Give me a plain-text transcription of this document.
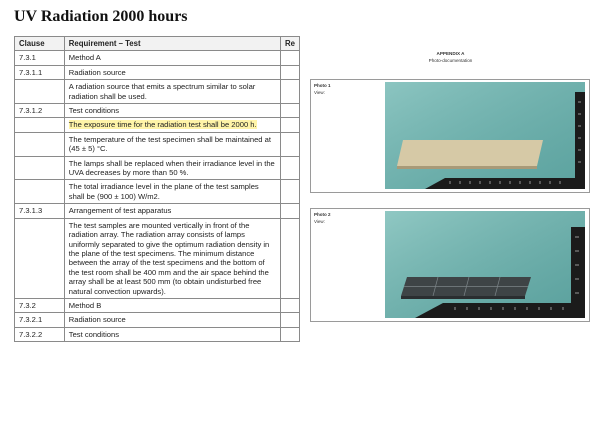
UV Radiation 2000 hours
Clause	Requirement – Test	Re
7.3.1	Method A	
7.3.1.1	Radiation source	
	A radiation source that emits a spectrum similar to solar radiation shall be used.	
7.3.1.2	Test conditions	
	The exposure time for the radiation test shall be 2000 h.	
	The temperature of the test specimen shall be maintained at (45 ± 5) °C.	
	The lamps shall be replaced when their irradiance level in the UVA decreases by more than 50 %.	
	The total irradiance level in the plane of the test samples shall be (900 ± 100) W/m2.	
7.3.1.3	Arrangement of test apparatus	
	The test samples are mounted vertically in front of the radiation array. The radiation array consists of lamps uniformly separated to give the optimum radiation density in the plane of the test specimens. The minimum distance between the array of the test specimens and the bottom of the test room shall be 400 mm and the air space behind the array shall be at least 500 mm (to obtain undisturbed free natural convection upwards).	
7.3.2	Method B	
7.3.2.1	Radiation source	
7.3.2.2	Test conditions	
APPENDIX A
Photo-documentation
Photo 1
View:
Photo 2
View:
